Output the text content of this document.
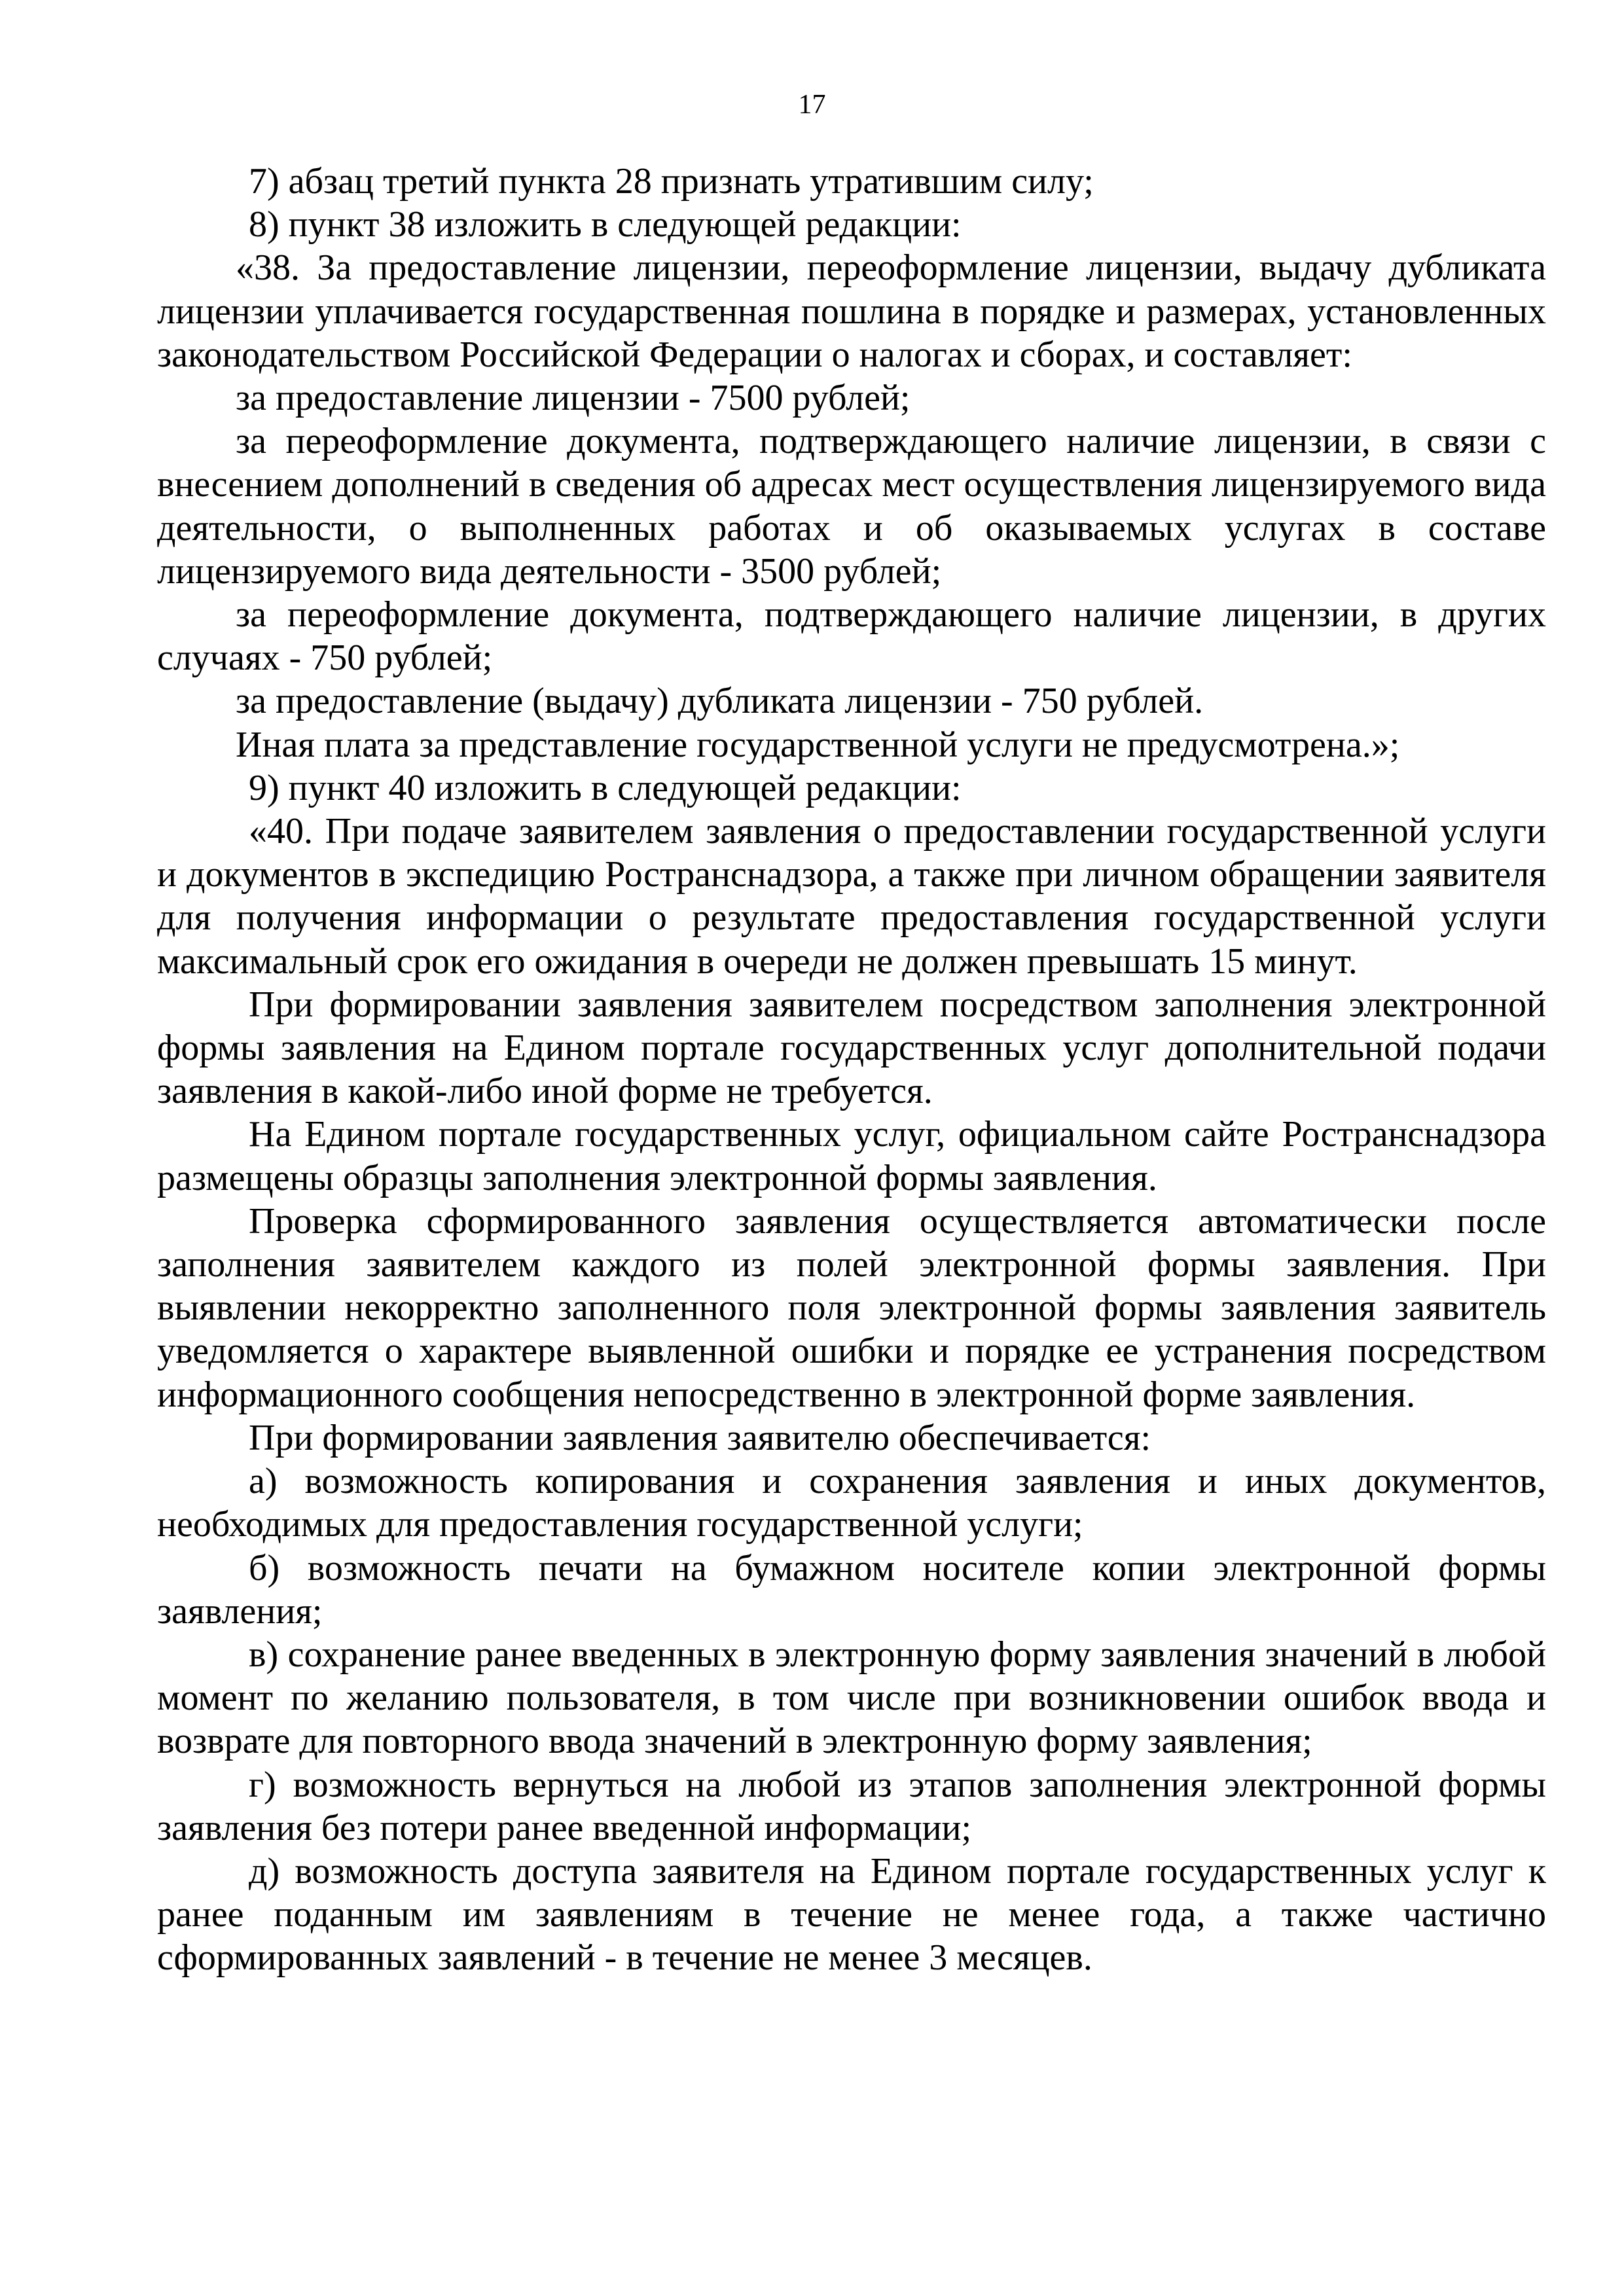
17

7) абзац третий пункта 28 признать утратившим силу;

8) пункт 38 изложить в следующей редакции:

«38. За предоставление лицензии, переоформление лицензии, выдачу дубликата лицензии уплачивается государственная пошлина в порядке и размерах, установленных законодательством Российской Федерации о налогах и сборах, и составляет:

за предоставление лицензии - 7500 рублей;

за переоформление документа, подтверждающего наличие лицензии, в связи с внесением дополнений в сведения об адресах мест осуществления лицензируемого вида деятельности, о выполненных работах и об оказываемых услугах в составе лицензируемого вида деятельности - 3500 рублей;

за переоформление документа, подтверждающего наличие лицензии, в других случаях - 750 рублей;

за предоставление (выдачу) дубликата лицензии - 750 рублей.

Иная плата за представление государственной услуги не предусмотрена.»;

9) пункт 40 изложить в следующей редакции:

«40. При подаче заявителем заявления о предоставлении государственной услуги и документов в экспедицию Ространснадзора, а также при личном обращении заявителя для получения информации о результате предоставления государственной услуги максимальный срок его ожидания в очереди не должен превышать 15 минут.

При формировании заявления заявителем посредством заполнения электронной формы заявления на Едином портале государственных услуг дополнительной подачи заявления в какой-либо иной форме не требуется.

На Едином портале государственных услуг, официальном сайте Ространснадзора размещены образцы заполнения электронной формы заявления.

Проверка сформированного заявления осуществляется автоматически после заполнения заявителем каждого из полей электронной формы заявления. При выявлении некорректно заполненного поля электронной формы заявления заявитель уведомляется о характере выявленной ошибки и порядке ее устранения посредством информационного сообщения непосредственно в электронной форме заявления.

При формировании заявления заявителю обеспечивается:

а) возможность копирования и сохранения заявления и иных документов, необходимых для предоставления государственной услуги;

б) возможность печати на бумажном носителе копии электронной формы заявления;

в) сохранение ранее введенных в электронную форму заявления значений в любой момент по желанию пользователя, в том числе при возникновении ошибок ввода и возврате для повторного ввода значений в электронную форму заявления;

г) возможность вернуться на любой из этапов заполнения электронной формы заявления без потери ранее введенной информации;

д) возможность доступа заявителя на Едином портале государственных услуг к ранее поданным им заявлениям в течение не менее года, а также частично сформированных заявлений - в течение не менее 3 месяцев.
